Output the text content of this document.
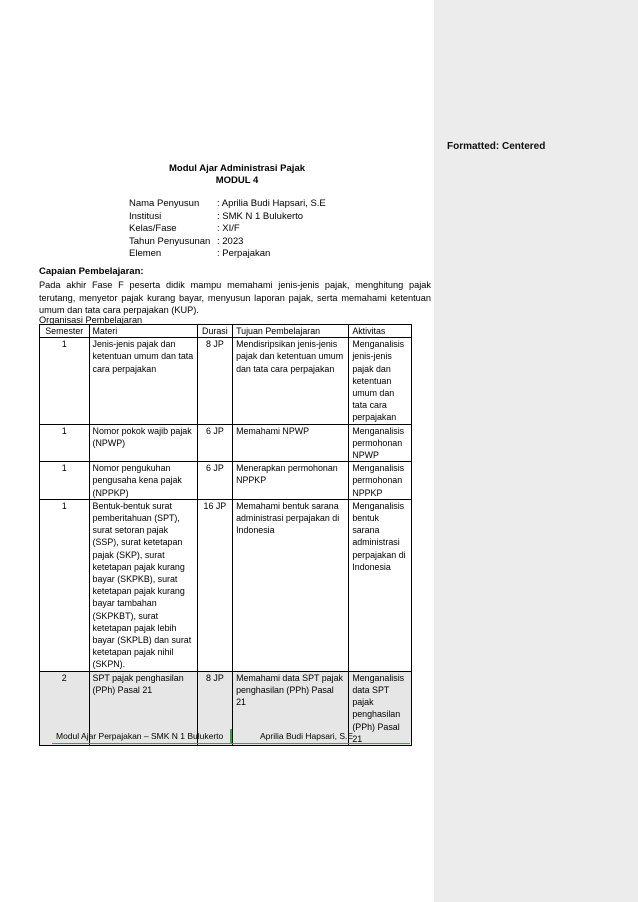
Formatted: Centered
Modul Ajar Administrasi Pajak
MODUL 4
Nama Penyusun	: Aprilia Budi Hapsari, S.E
Institusi	: SMK N 1 Bulukerto
Kelas/Fase	: XI/F
Tahun Penyusunan : 2023
Elemen	: Perpajakan
Capaian Pembelajaran:
Pada akhir Fase F peserta didik mampu memahami jenis-jenis pajak, menghitung pajak terutang, menyetor pajak kurang bayar, menyusun laporan pajak, serta memahami ketentuan umum dan tata cara perpajakan (KUP).
Organisasi Pembelajaran
Semester	Materi	Durasi	Tujuan Pembelajaran	Aktivitas
1	Jenis-jenis pajak dan ketentuan umum dan tata cara perpajakan	8 JP	Mendisripsikan jenis-jenis pajak dan ketentuan umum dan tata cara perpajakan	Menganalisis jenis-jenis pajak dan ketentuan umum dan tata cara perpajakan
1	Nomor pokok wajib pajak (NPWP)	6 JP	Memahami NPWP	Menganalisis permohonan NPWP
1	Nomor pengukuhan pengusaha kena pajak (NPPKP)	6 JP	Menerapkan permohonan NPPKP	Menganalisis permohonan NPPKP
1	Bentuk-bentuk surat pemberitahuan (SPT), surat setoran pajak (SSP), surat ketetapan pajak (SKP), surat ketetapan pajak kurang bayar (SKPKB), surat ketetapan pajak kurang bayar tambahan (SKPKBT), surat ketetapan pajak lebih bayar (SKPLB) dan surat ketetapan pajak nihil (SKPN).	16 JP	Memahami bentuk sarana administrasi perpajakan di Indonesia	Menganalisis bentuk sarana administrasi perpajakan di Indonesia
2	SPT pajak penghasilan (PPh) Pasal 21	8 JP	Memahami data SPT pajak penghasilan (PPh) Pasal 21	Menganalisis data SPT pajak penghasilan (PPh) Pasal 21
Modul Ajar Perpajakan – SMK N 1 Bulukerto	Aprilia Budi Hapsari, S.E
